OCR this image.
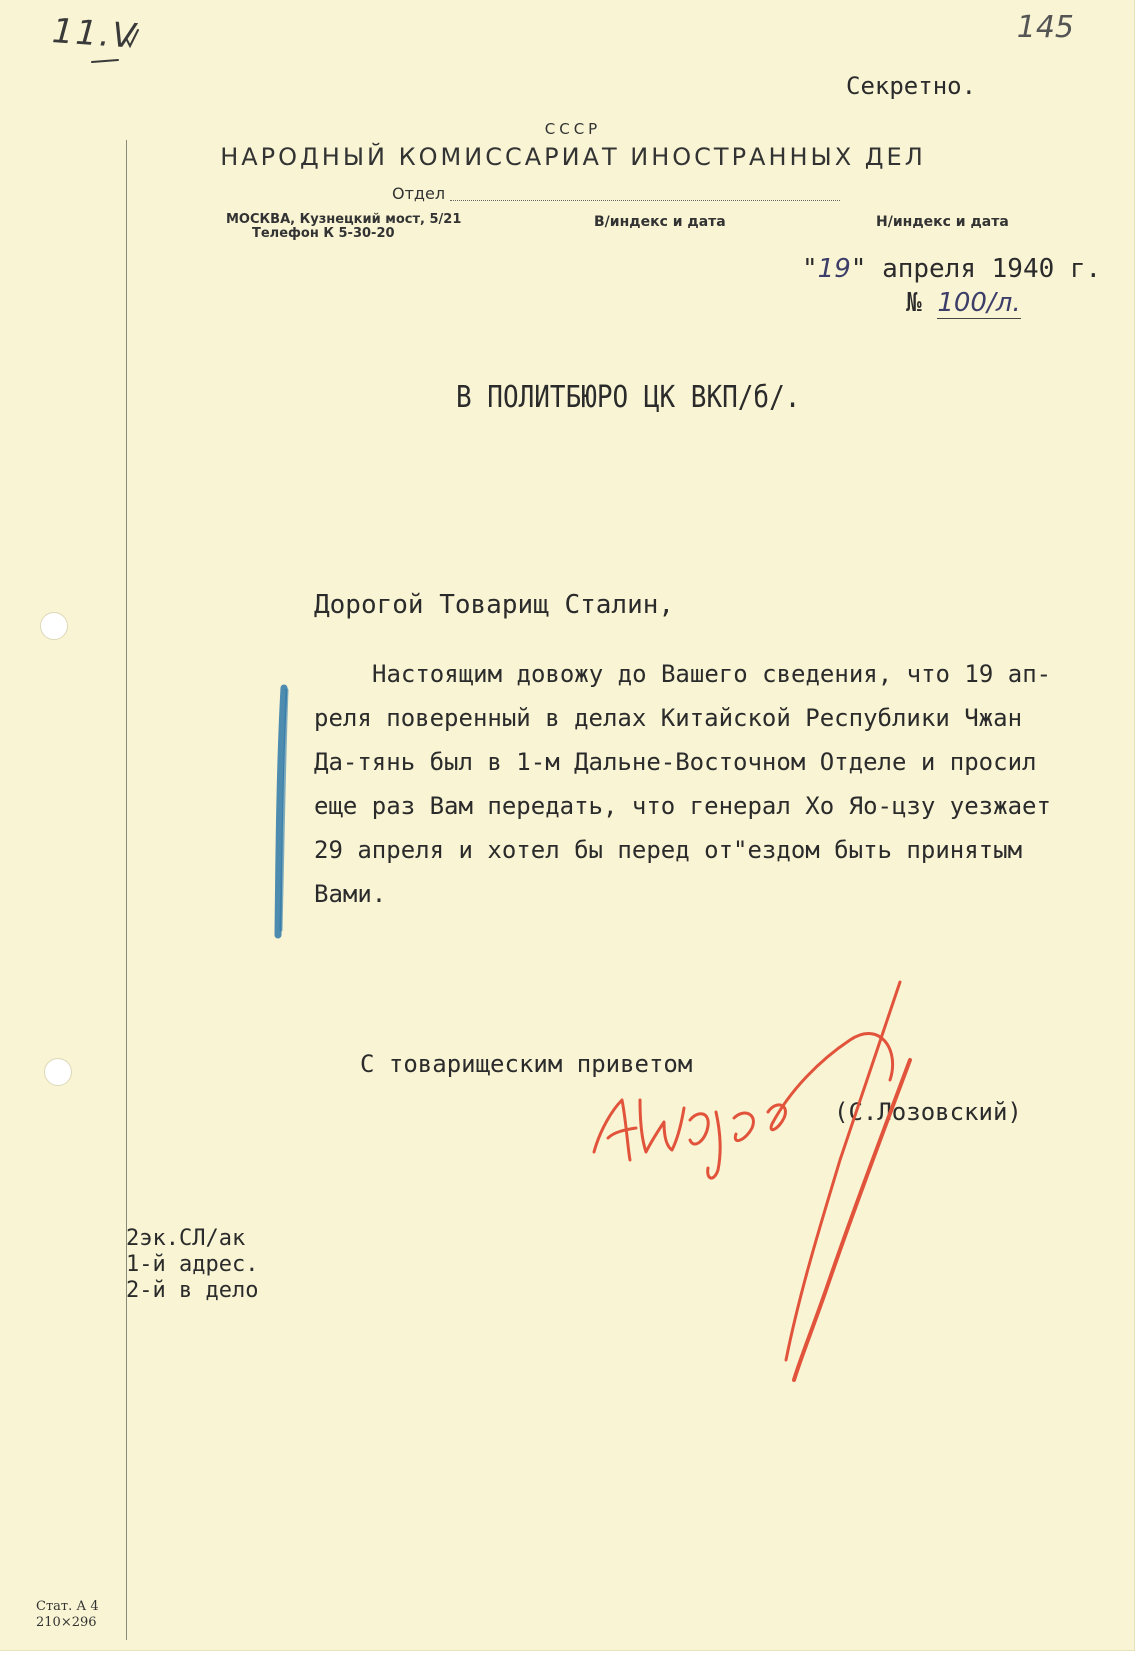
11.V	145
Секретно.
СССР
НАРОДНЫЙ КОМИССАРИАТ ИНОСТРАННЫХ ДЕЛ
Отдел
МОСКВА, Кузнецкий мост, 5/21
Телефон К 5-30-20
В/индекс и дата	Н/индекс и дата
"19" апреля 1940 г.
№ 100/л.
В ПОЛИТБЮРО ЦК ВКП/б/.
Дорогой Товарищ Сталин,
Настоящим довожу до Вашего сведения, что 19 ап-
реля поверенный в делах Китайской Республики Чжан
Да-тянь был в 1-м Дальне-Восточном Отделе и просил
еще раз Вам передать, что генерал Хо Яо-цзу уезжает
29 апреля и хотел бы перед от"ездом быть принятым
Вами.
С товарищеским приветом
(С.Лозовский)
2эк.СЛ/ак
1-й адрес.
2-й в дело
Стат. А 4
210×296
